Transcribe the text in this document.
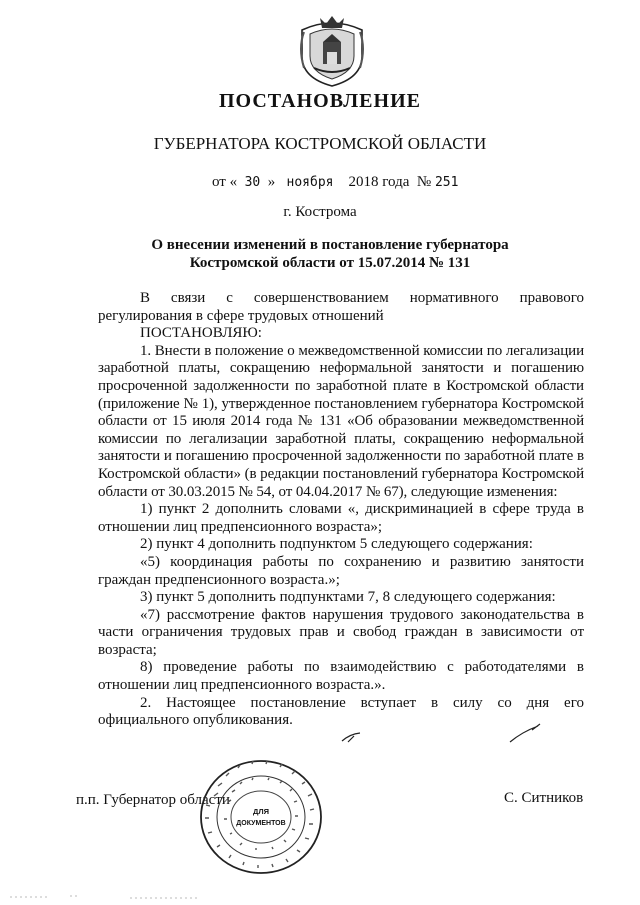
ПОСТАНОВЛЕНИЕ
ГУБЕРНАТОРА КОСТРОМСКОЙ ОБЛАСТИ
от « 30 » ноября 2018 года № 251
г. Кострома
О внесении изменений в постановление губернатора
Костромской области от 15.07.2014 № 131

В связи с совершенствованием нормативного правового регулирования в сфере трудовых отношений

ПОСТАНОВЛЯЮ:

1. Внести в положение о межведомственной комиссии по легализации заработной платы, сокращению неформальной занятости и погашению просроченной задолженности по заработной плате в Костромской области (приложение № 1), утвержденное постановлением губернатора Костромской области от 15 июля 2014 года № 131 «Об образовании межведомственной комиссии по легализации заработной платы, сокращению неформальной занятости и погашению просроченной задолженности по заработной плате в Костромской области» (в редакции постановлений губернатора Костромской области от 30.03.2015 № 54, от 04.04.2017 № 67), следующие изменения:

1) пункт 2 дополнить словами «, дискриминацией в сфере труда в отношении лиц предпенсионного возраста»;

2) пункт 4 дополнить подпунктом 5 следующего содержания:

«5) координация работы по сохранению и развитию занятости граждан предпенсионного возраста.»;

3) пункт 5 дополнить подпунктами 7, 8 следующего содержания:

«7) рассмотрение фактов нарушения трудового законодательства в части ограничения трудовых прав и свобод граждан в зависимости от возраста;

8) проведение работы по взаимодействию с работодателями в отношении лиц предпенсионного возраста.».

2. Настоящее постановление вступает в силу со дня его официального опубликования.

п.п. Губернатор области	С. Ситников
ДЛЯ
ДОКУМЕНТОВ
